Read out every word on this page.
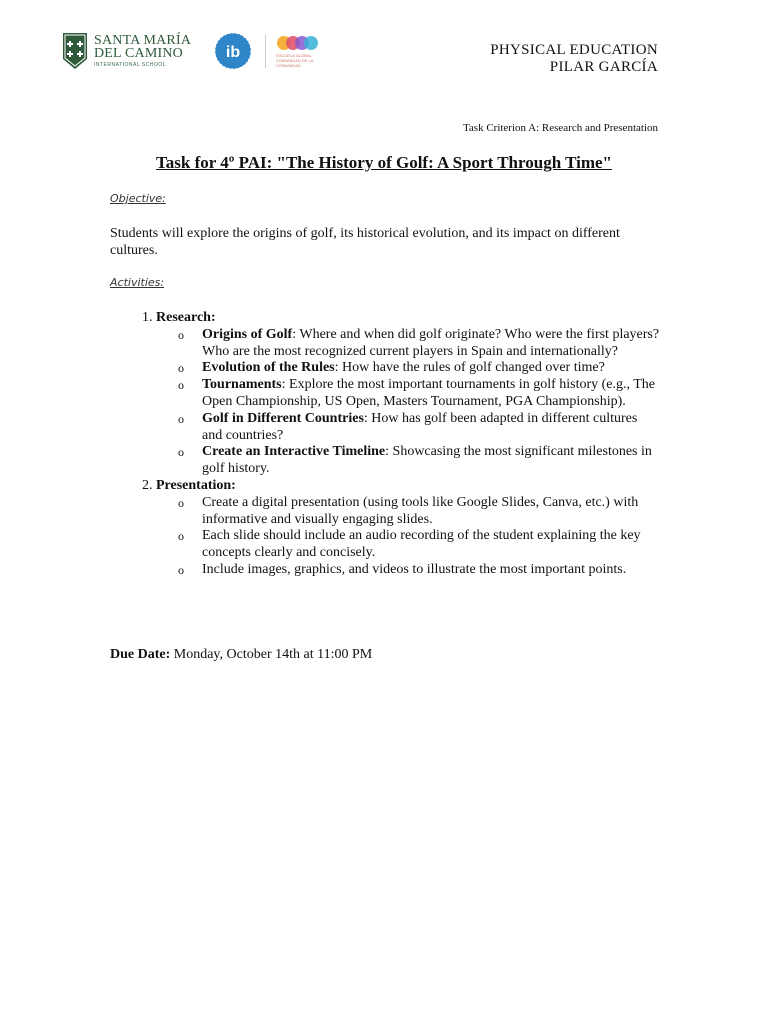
SANTA MARÍA
DEL CAMINO
INTERNATIONAL SCHOOL
ib	ESCUELA GLOBAL · COMUNIDAD DE LA COMUNIDAD
PHYSICAL EDUCATION
PILAR GARCÍA
Task Criterion A: Research and Presentation
Task for 4º PAI: "The History of Golf: A Sport Through Time"
Objective:
Students will explore the origins of golf, its historical evolution, and its impact on different cultures.
Activities:
1. Research:
o Origins of Golf: Where and when did golf originate? Who were the first players? Who are the most recognized current players in Spain and internationally?
o Evolution of the Rules: How have the rules of golf changed over time?
o Tournaments: Explore the most important tournaments in golf history (e.g., The Open Championship, US Open, Masters Tournament, PGA Championship).
o Golf in Different Countries: How has golf been adapted in different cultures and countries?
o Create an Interactive Timeline: Showcasing the most significant milestones in golf history.
2. Presentation:
o Create a digital presentation (using tools like Google Slides, Canva, etc.) with informative and visually engaging slides.
o Each slide should include an audio recording of the student explaining the key concepts clearly and concisely.
o Include images, graphics, and videos to illustrate the most important points.
Due Date: Monday, October 14th at 11:00 PM
